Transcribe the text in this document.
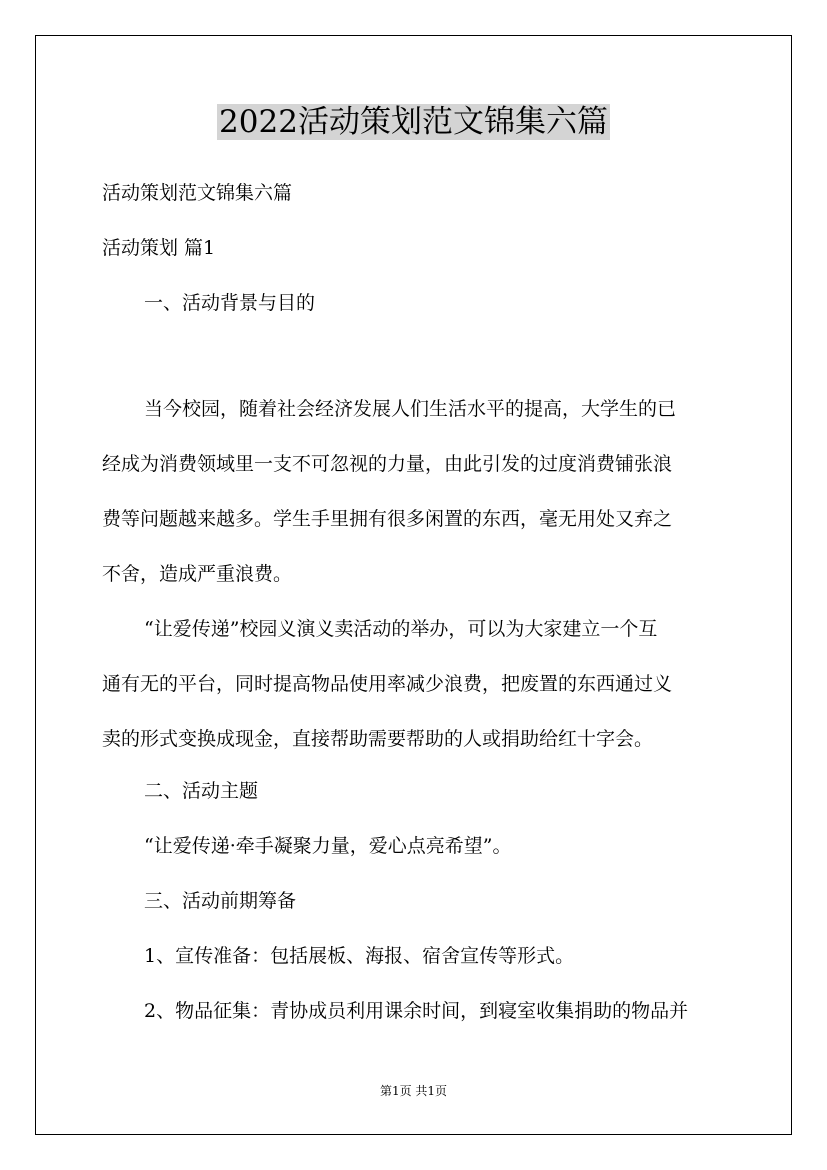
2022活动策划范文锦集六篇

活动策划范文锦集六篇

活动策划 篇1

一、活动背景与目的

当今校园，随着社会经济发展人们生活水平的提高，大学生的已

经成为消费领域里一支不可忽视的力量，由此引发的过度消费铺张浪

费等问题越来越多。学生手里拥有很多闲置的东西，毫无用处又弃之

不舍，造成严重浪费。

“让爱传递”校园义演义卖活动的举办，可以为大家建立一个互

通有无的平台，同时提高物品使用率减少浪费，把废置的东西通过义

卖的形式变换成现金，直接帮助需要帮助的人或捐助给红十字会。

二、活动主题

“让爱传递·牵手凝聚力量，爱心点亮希望”。

三、活动前期筹备

1、宣传准备：包括展板、海报、宿舍宣传等形式。

2、物品征集：青协成员利用课余时间，到寝室收集捐助的物品并

第1页 共1页
